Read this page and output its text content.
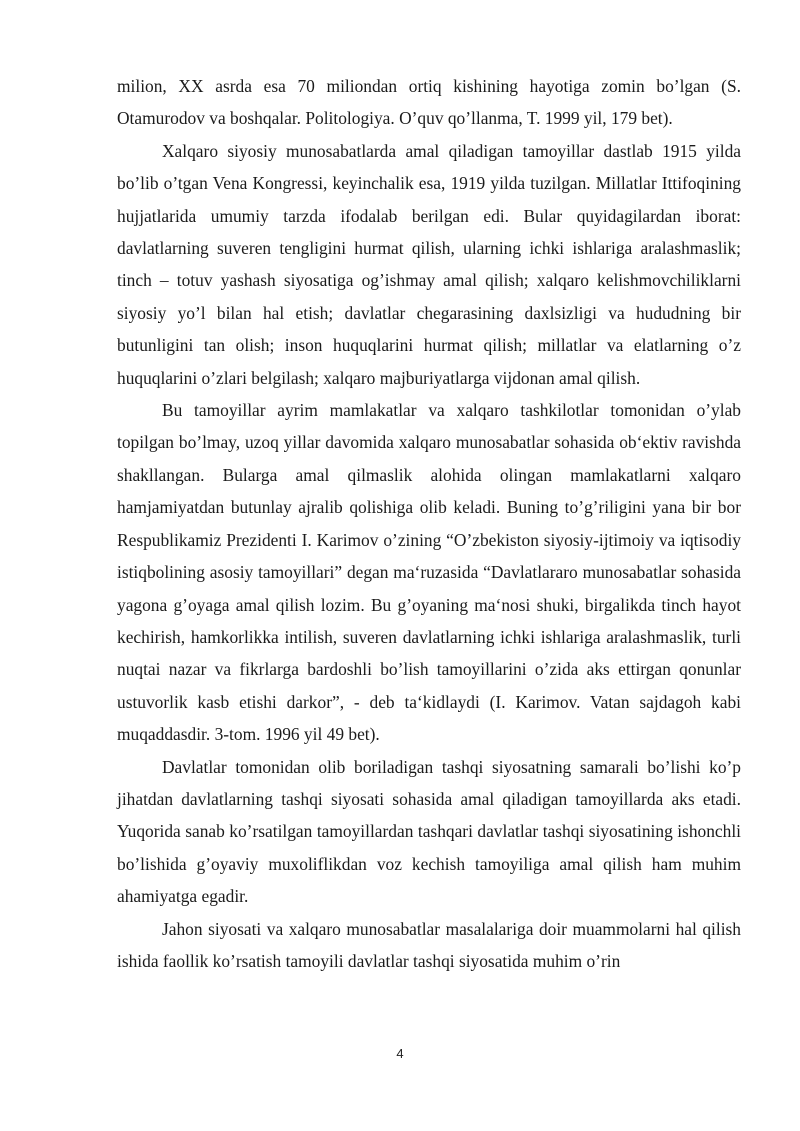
milion, XX asrda esa 70 miliondan ortiq kishining hayotiga zomin bo’lgan (S. Otamurodov va boshqalar. Politologiya. O’quv qo’llanma, T. 1999 yil, 179 bet).

Xalqaro siyosiy munosabatlarda amal qiladigan tamoyillar dastlab 1915 yilda bo’lib o’tgan Vena Kongressi, keyinchalik esa, 1919 yilda tuzilgan. Millatlar Ittifoqining hujjatlarida umumiy tarzda ifodalab berilgan edi. Bular quyidagilardan iborat: davlatlarning suveren tengligini hurmat qilish, ularning ichki ishlariga aralashmaslik; tinch – totuv yashash siyosatiga og’ishmay amal qilish; xalqaro kelishmovchiliklarni siyosiy yo’l bilan hal etish; davlatlar chegarasining daxlsizligi va hududning bir butunligini tan olish; inson huquqlarini hurmat qilish; millatlar va elatlarning o’z huquqlarini o’zlari belgilash; xalqaro majburiyatlarga vijdonan amal qilish.

Bu tamoyillar ayrim mamlakatlar va xalqaro tashkilotlar tomonidan o’ylab topilgan bo’lmay, uzoq yillar davomida xalqaro munosabatlar sohasida ob‘ektiv ravishda shakllangan. Bularga amal qilmaslik alohida olingan mamlakatlarni xalqaro hamjamiyatdan butunlay ajralib qolishiga olib keladi. Buning to’g’riligini yana bir bor Respublikamiz Prezidenti I. Karimov o’zining “O’zbekiston siyosiy-ijtimoiy va iqtisodiy istiqbolining asosiy tamoyillari” degan ma‘ruzasida “Davlatlararo munosabatlar sohasida yagona g’oyaga amal qilish lozim. Bu g’oyaning ma‘nosi shuki, birgalikda tinch hayot kechirish, hamkorlikka intilish, suveren davlatlarning ichki ishlariga aralashmaslik, turli nuqtai nazar va fikrlarga bardoshli bo’lish tamoyillarini o’zida aks ettirgan qonunlar ustuvorlik kasb etishi darkor”, - deb ta‘kidlaydi (I. Karimov. Vatan sajdagoh kabi muqaddasdir. 3-tom. 1996 yil 49 bet).

Davlatlar tomonidan olib boriladigan tashqi siyosatning samarali bo’lishi ko’p jihatdan davlatlarning tashqi siyosati sohasida amal qiladigan tamoyillarda aks etadi. Yuqorida sanab ko’rsatilgan tamoyillardan tashqari davlatlar tashqi siyosatining ishonchli bo’lishida g’oyaviy muxoliflikdan voz kechish tamoyiliga amal qilish ham muhim ahamiyatga egadir.

Jahon siyosati va xalqaro munosabatlar masalalariga doir muammolarni hal qilish ishida faollik ko’rsatish tamoyili davlatlar tashqi siyosatida muhim o’rin

4
